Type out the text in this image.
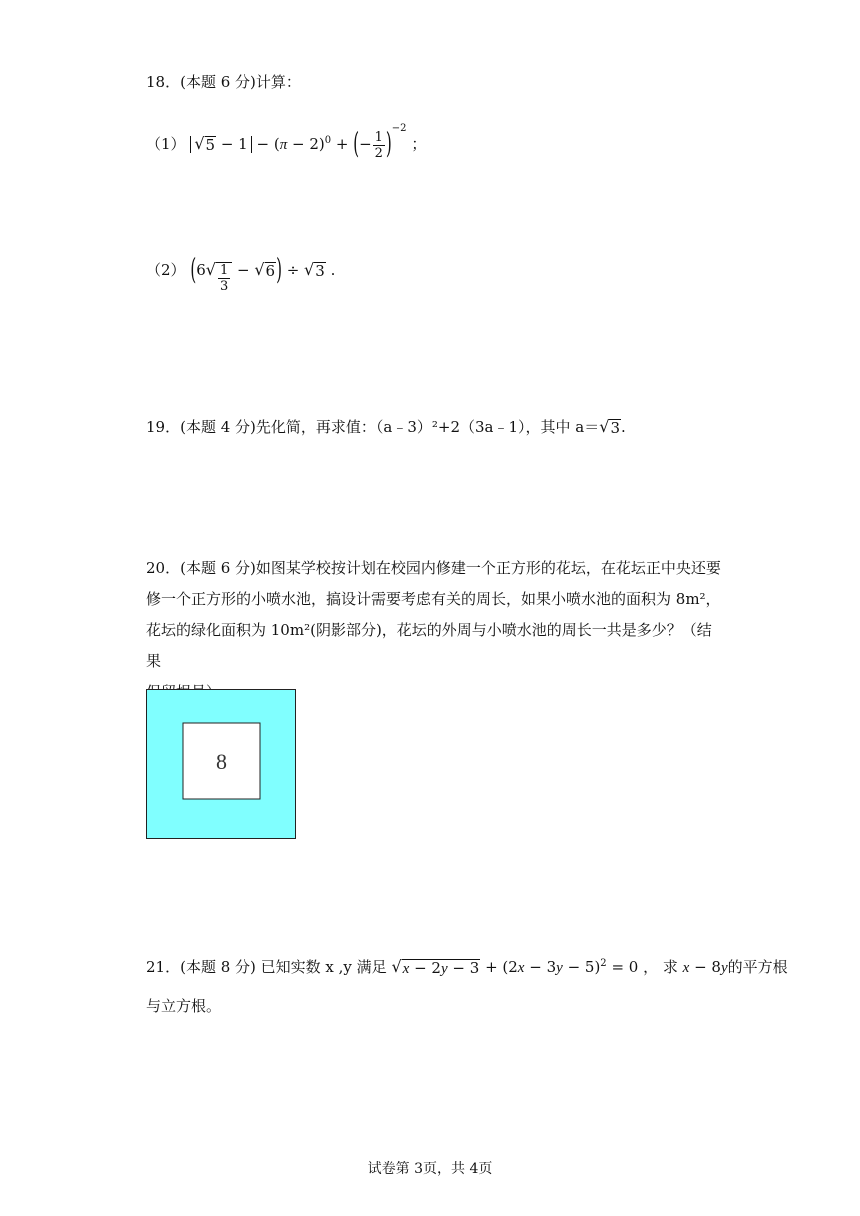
18．(本题 6 分)计算：
（1） √ $5 - 1 - (\pi - 2)^0$ + (− $\frac{1}{2} )^{-2}$ ；
（2） (6 √ $\frac{1}{3}$ − √ 6 ) ÷ √ 3 .
19．(本题 4 分)先化简，再求值：（a﹣3）²+2（3a﹣1），其中 a＝ √ 3 .
20．(本题 6 分)如图某学校按计划在校园内修建一个正方形的花坛，在花坛正中央还要
修一个正方形的小喷水池，搞设计需要考虑有关的周长，如果小喷水池的面积为 8m²，
花坛的绿化面积为 10m²(阴影部分)，花坛的外周与小喷水池的周长一共是多少？（结果
8
21．(本题 8 分) 已知实数 x ,y 满足 √ $x - 2y - 3 + (2x - 3y - 5)^2 = 0$ ， 求 x − 8y的平方根
与立方根。
试卷第 3页，共 4页
